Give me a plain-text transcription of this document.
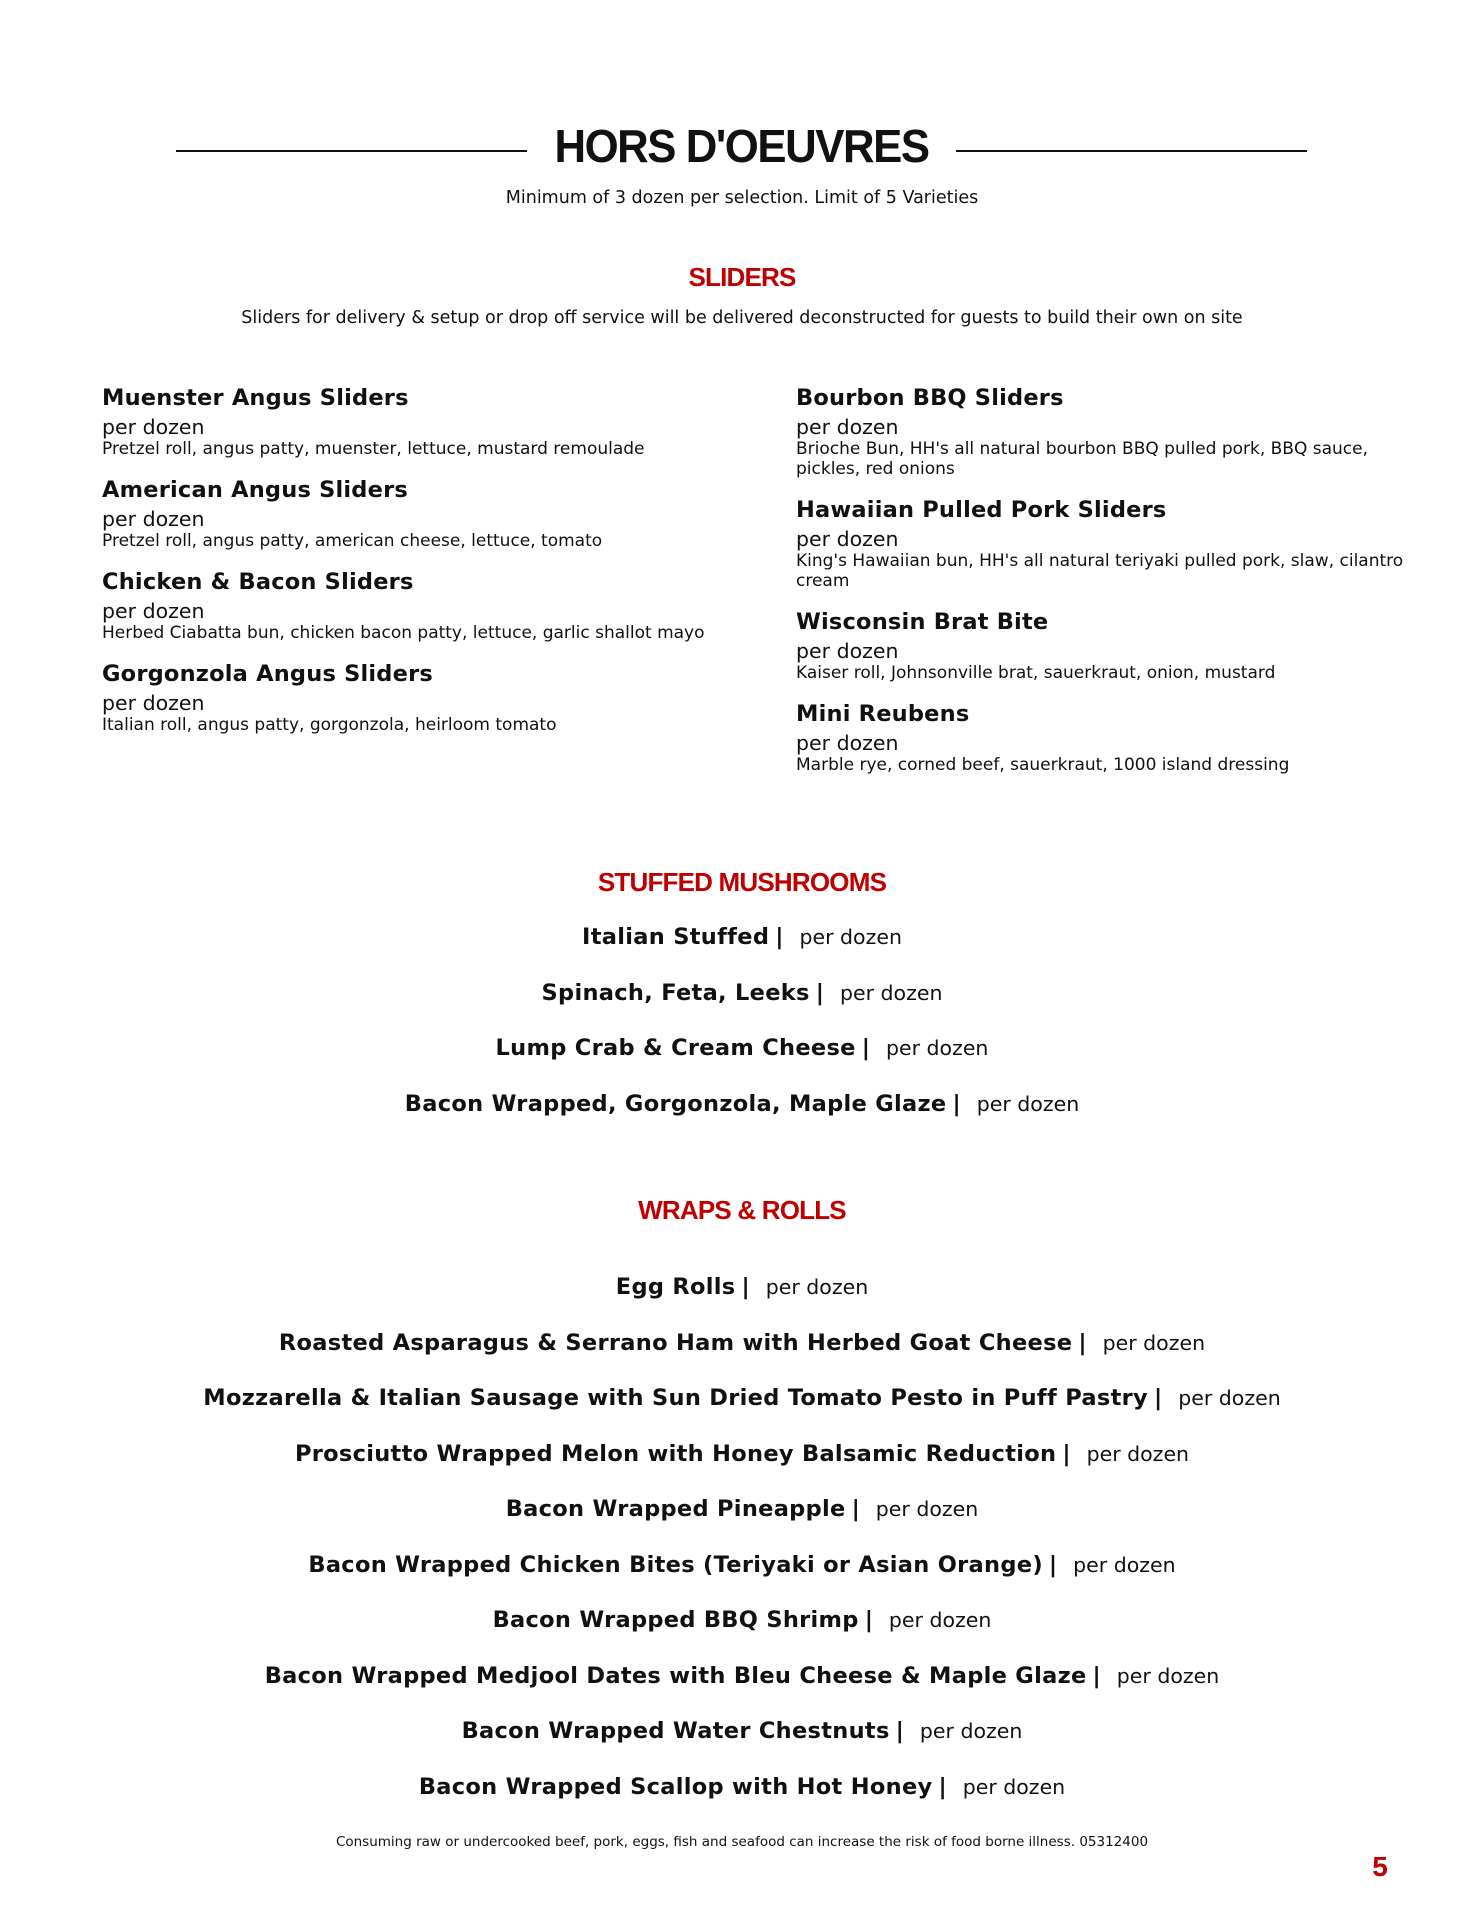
HORS D'OEUVRES
Minimum of 3 dozen per selection. Limit of 5 Varieties
SLIDERS
Sliders for delivery & setup or drop off service will be delivered deconstructed for guests to build their own on site
Muenster Angus Sliders
per dozen
Pretzel roll, angus patty, muenster, lettuce, mustard remoulade
American Angus Sliders
per dozen
Pretzel roll, angus patty, american cheese, lettuce, tomato
Chicken & Bacon Sliders
per dozen
Herbed Ciabatta bun, chicken bacon patty, lettuce, garlic shallot mayo
Gorgonzola Angus Sliders
per dozen
Italian roll, angus patty, gorgonzola, heirloom tomato
Bourbon BBQ Sliders
per dozen
Brioche Bun, HH's all natural bourbon BBQ pulled pork, BBQ sauce, pickles, red onions
Hawaiian Pulled Pork Sliders
per dozen
King's Hawaiian bun, HH's all natural teriyaki pulled pork, slaw, cilantro cream
Wisconsin Brat Bite
per dozen
Kaiser roll, Johnsonville brat, sauerkraut, onion, mustard
Mini Reubens
per dozen
Marble rye, corned beef, sauerkraut, 1000 island dressing
STUFFED MUSHROOMS
Italian Stuffed | per dozen
Spinach, Feta, Leeks | per dozen
Lump Crab & Cream Cheese | per dozen
Bacon Wrapped, Gorgonzola, Maple Glaze | per dozen
WRAPS & ROLLS
Egg Rolls | per dozen
Roasted Asparagus & Serrano Ham with Herbed Goat Cheese | per dozen
Mozzarella & Italian Sausage with Sun Dried Tomato Pesto in Puff Pastry | per dozen
Prosciutto Wrapped Melon with Honey Balsamic Reduction | per dozen
Bacon Wrapped Pineapple | per dozen
Bacon Wrapped Chicken Bites (Teriyaki or Asian Orange) | per dozen
Bacon Wrapped BBQ Shrimp | per dozen
Bacon Wrapped Medjool Dates with Bleu Cheese & Maple Glaze | per dozen
Bacon Wrapped Water Chestnuts | per dozen
Bacon Wrapped Scallop with Hot Honey | per dozen
Consuming raw or undercooked beef, pork, eggs, fish and seafood can increase the risk of food borne illness. 05312400
5
